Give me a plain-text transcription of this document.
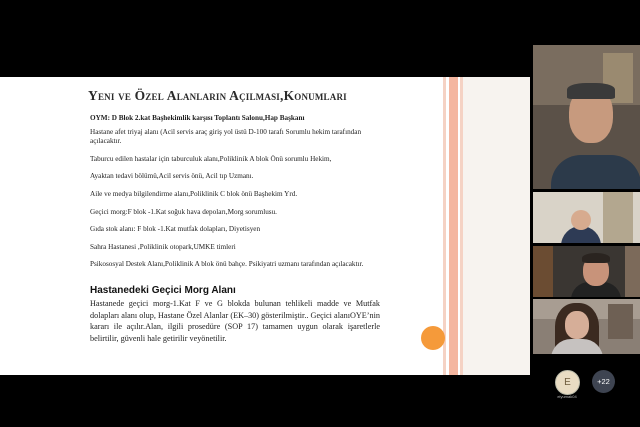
Yeni ve Özel Alanların Açılması,Konumları

OYM: D Blok 2.kat Başhekimlik karşısı Toplantı Salonu,Hap Başkanı

Hastane afet triyaj alanı (Acil servis araç giriş yol üstü D-100 tarafı Sorumlu hekim tarafından açılacaktır.

Taburcu edilen hastalar için taburculuk alanı,Poliklinik A blok Önü sorumlu Hekim,

Ayaktan tedavi bölümü,Acil servis önü, Acil tıp Uzmanı.

Aile ve medya bilgilendirme alanı,Poliklinik C blok önü Başhekim Yrd.

Geçici morg:F blok -1.Kat soğuk hava depoları,Morg sorumlusu.

Gıda stok alanı: F blok -1.Kat mutfak dolapları, Diyetisyen

Sahra Hastanesi ,Poliklinik otopark,UMKE timleri

Psikososyal Destek Alanı,Poliklinik A blok önü bahçe. Psikiyatri uzmanı tarafından açılacaktır.

Hastanedeki Geçici Morg Alanı
Hastanede geçici morg-1.Kat F ve G blokda bulunan tehlikeli madde ve Mutfak dolapları alanı olup, Hastane Özel Alanlar (EK–30) gösterilmiştir.. Geçici alanıOYE’nin kararı ile açılır.Alan, ilgili prosedüre (SOP 17) tamamen uygun olarak işaretlerle belirtilir, güvenli hale getirilir veyönetilir.
E
elyumak04
+22
